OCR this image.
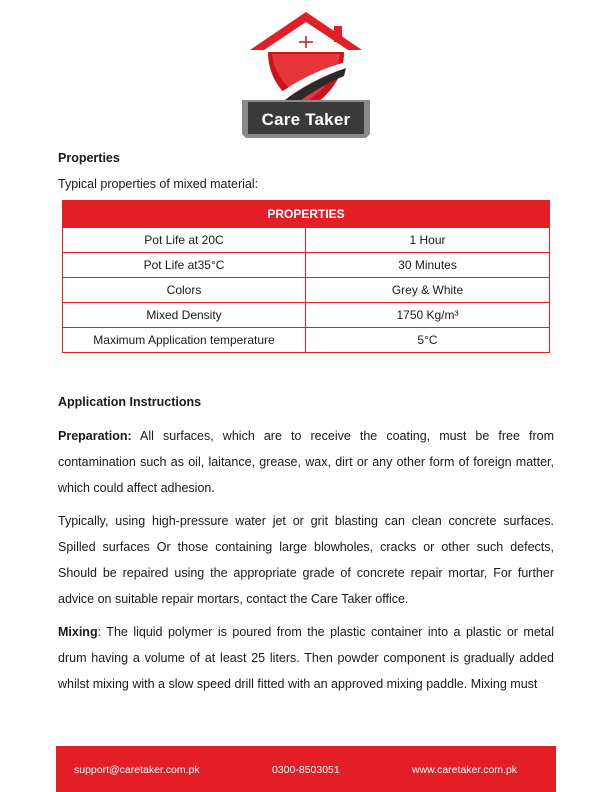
Care Taker
Properties
Typical properties of mixed material:
PROPERTIES	
Pot Life at 20C	1 Hour
Pot Life at35°C	30 Minutes
Colors	Grey & White
Mixed Density	1750 Kg/m³
Maximum Application temperature	5°C
Application Instructions

Preparation: All surfaces, which are to receive the coating, must be free from contamination such as oil, laitance, grease, wax, dirt or any other form of foreign matter, which could affect adhesion.

Typically, using high-pressure water jet or grit blasting can clean concrete surfaces. Spilled surfaces Or those containing large blowholes, cracks or other such defects, Should be repaired using the appropriate grade of concrete repair mortar, For further advice on suitable repair mortars, contact the Care Taker office.

Mixing: The liquid polymer is poured from the plastic container into a plastic or metal drum having a volume of at least 25 liters. Then powder component is gradually added whilst mixing with a slow speed drill fitted with an approved mixing paddle. Mixing must

support@caretaker.com.pk	0300-8503051	www.caretaker.com.pk
